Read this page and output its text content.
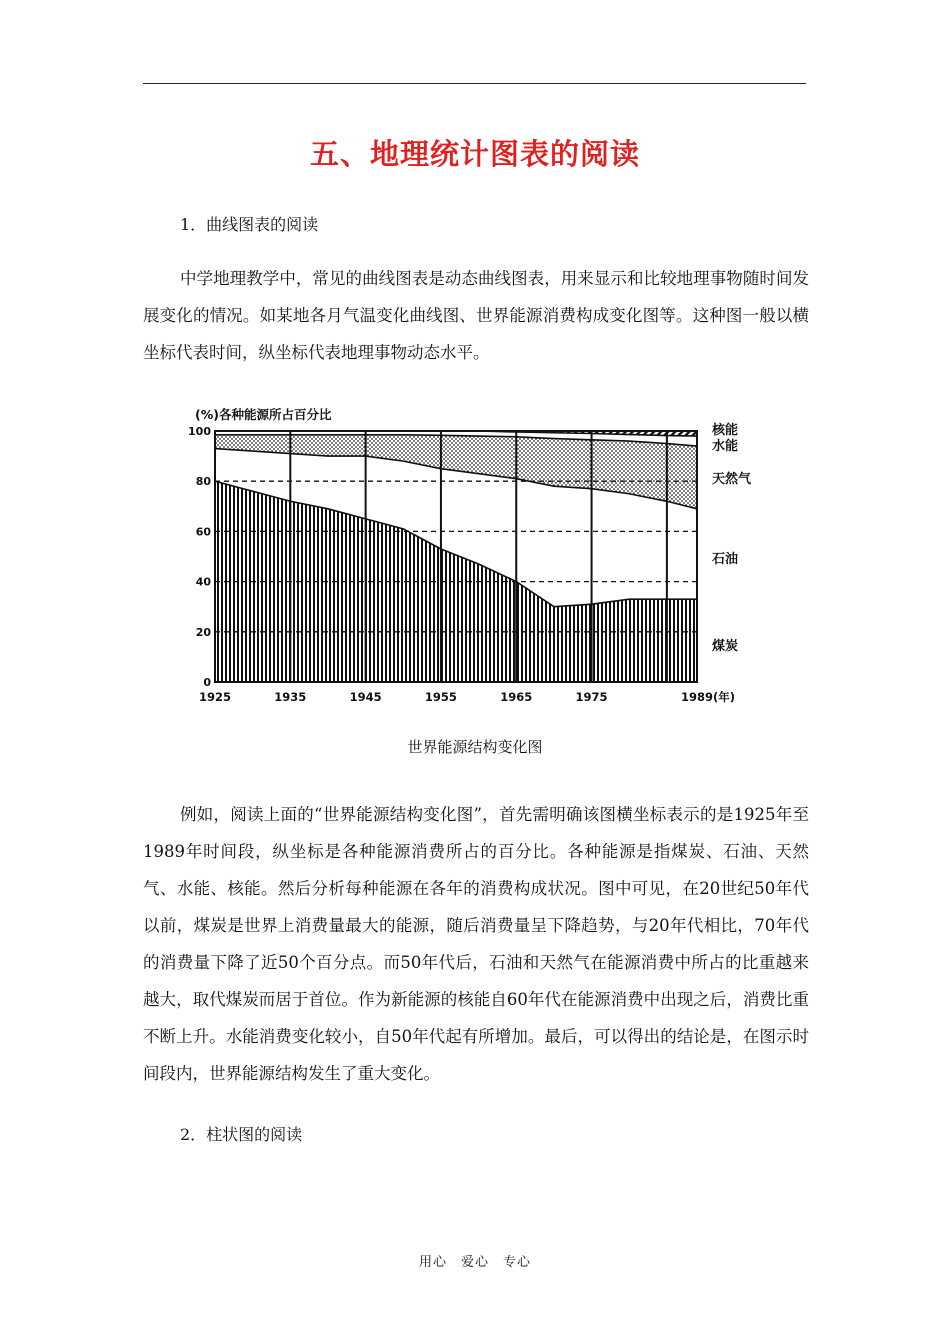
五、地理统计图表的阅读
1．曲线图表的阅读

中学地理教学中，常见的曲线图表是动态曲线图表，用来显示和比较地理事物随时间发展变化的情况。如某地各月气温变化曲线图、世界能源消费构成变化图等。这种图一般以横坐标代表时间，纵坐标代表地理事物动态水平。

0
20
40
60
80
100
1925	1935	1945	1955	1965	1975	1989(年)
(%)各种能源所占百分比
核能
水能
天然气
石油
煤炭
世界能源结构变化图

例如，阅读上面的“世界能源结构变化图”，首先需明确该图横坐标表示的是1925年至1989年时间段，纵坐标是各种能源消费所占的百分比。各种能源是指煤炭、石油、天然气、水能、核能。然后分析每种能源在各年的消费构成状况。图中可见，在20世纪50年代以前，煤炭是世界上消费量最大的能源，随后消费量呈下降趋势，与20年代相比，70年代的消费量下降了近50个百分点。而50年代后，石油和天然气在能源消费中所占的比重越来越大，取代煤炭而居于首位。作为新能源的核能自60年代在能源消费中出现之后，消费比重不断上升。水能消费变化较小，自50年代起有所增加。最后，可以得出的结论是，在图示时间段内，世界能源结构发生了重大变化。

2．柱状图的阅读
用心　爱心　专心
